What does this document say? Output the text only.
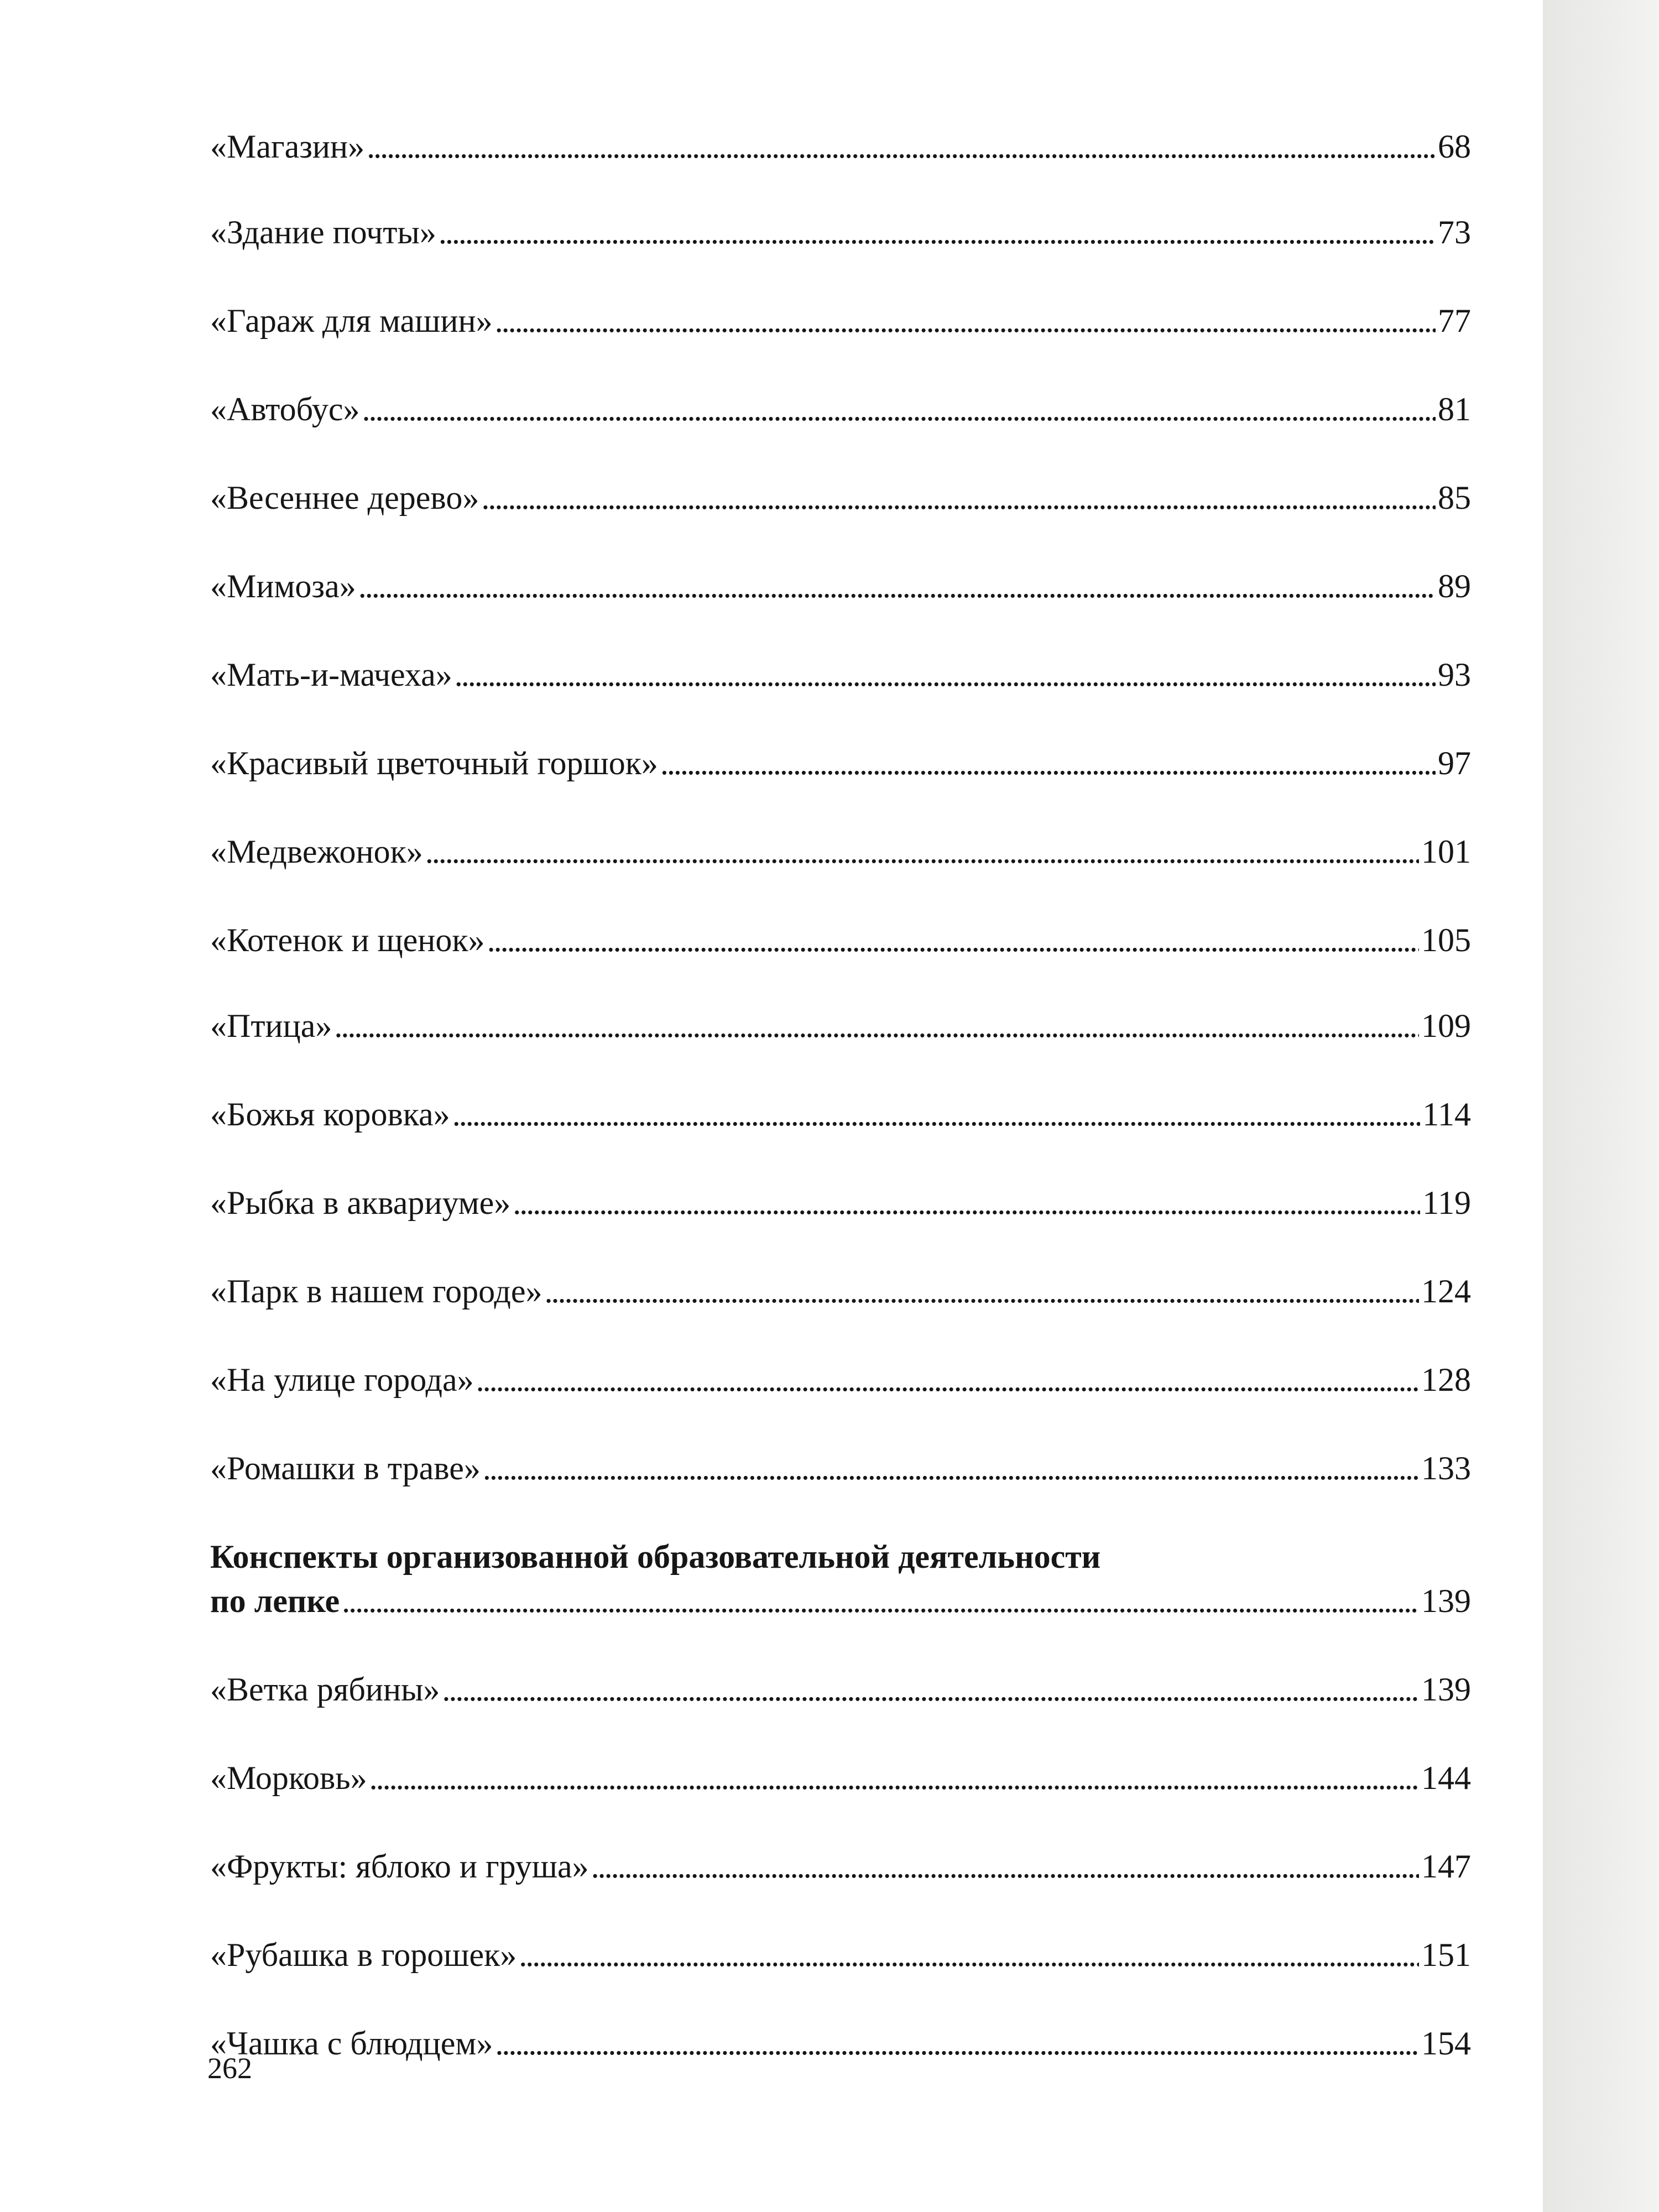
«Магазин» . . .	68
«Здание почты» . . .	73
«Гараж для машин» . . .	77
«Автобус» . . .	81
«Весеннее дерево» . . .	85
«Мимоза» . . .	89
«Мать-и-мачеха» . . .	93
«Красивый цветочный горшок» . . .	97
«Медвежонок» . . .	101
«Котенок и щенок» . . .	105
«Птица» . . .	109
«Божья коровка» . . .	114
«Рыбка в аквариуме» . . .	119
«Парк в нашем городе» . . .	124
«На улице города» . . .	128
«Ромашки в траве» . . .	133
Конспекты организованной образовательной деятельности
по лепке . . .	139
«Ветка рябины» . . .	139
«Морковь» . . .	144
«Фрукты: яблоко и груша» . . .	147
«Рубашка в горошек» . . .	151
«Чашка с блюдцем» . . .	154
262
